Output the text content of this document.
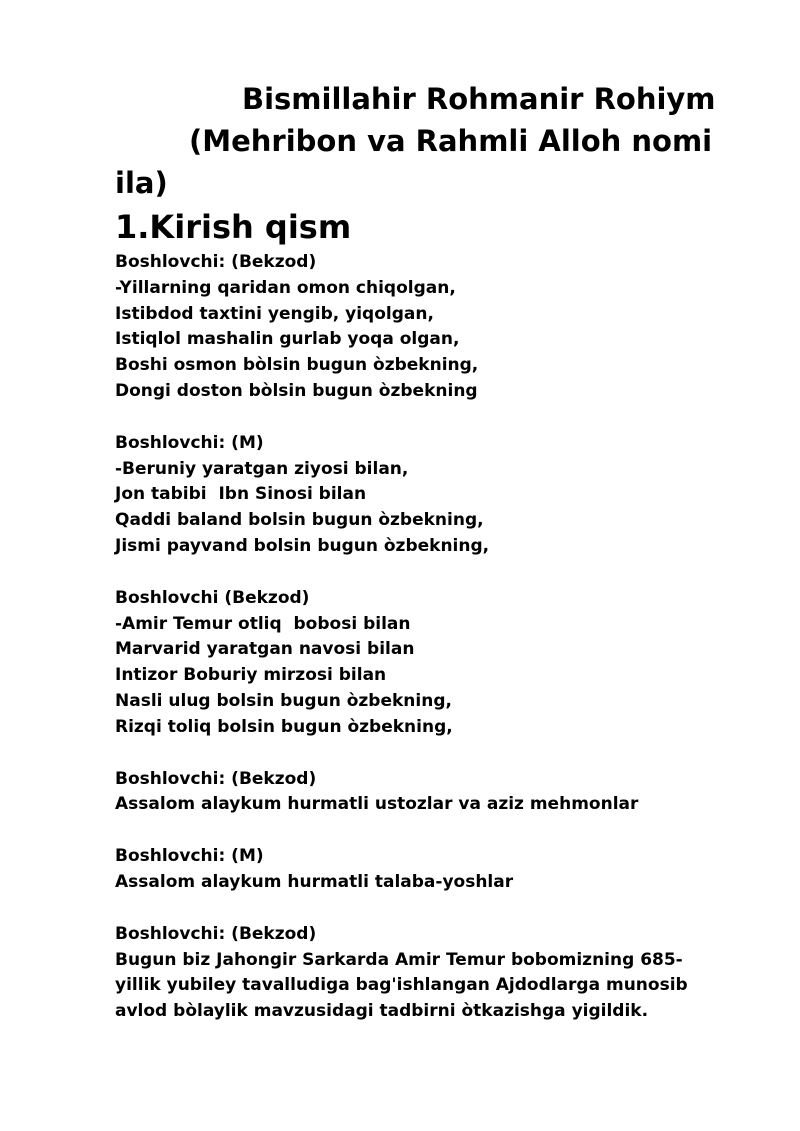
Bismillahir Rohmanir Rohiym
(Mehribon va Rahmli Alloh nomi
ila)
1.Kirish qism
Boshlovchi: (Bekzod)
-Yillarning qaridan omon chiqolgan,
Istibdod taxtini yengib, yiqolgan,
Istiqlol mashalin gurlab yoqa olgan,
Boshi osmon bòlsin bugun òzbekning,
Dongi doston bòlsin bugun òzbekning
Boshlovchi: (M)
-Beruniy yaratgan ziyosi bilan,
Jon tabibi  Ibn Sinosi bilan
Qaddi baland bolsin bugun òzbekning,
Jismi payvand bolsin bugun òzbekning,
Boshlovchi (Bekzod)
-Amir Temur otliq  bobosi bilan
Marvarid yaratgan navosi bilan
Intizor Boburiy mirzosi bilan
Nasli ulug bolsin bugun òzbekning,
Rizqi toliq bolsin bugun òzbekning,
Boshlovchi: (Bekzod)
Assalom alaykum hurmatli ustozlar va aziz mehmonlar
Boshlovchi: (M)
Assalom alaykum hurmatli talaba-yoshlar
Boshlovchi: (Bekzod)
Bugun biz Jahongir Sarkarda Amir Temur bobomizning 685-yillik yubiley tavalludiga bag'ishlangan Ajdodlarga munosib avlod bòlaylik mavzusidagi tadbirni òtkazishga yigildik.
